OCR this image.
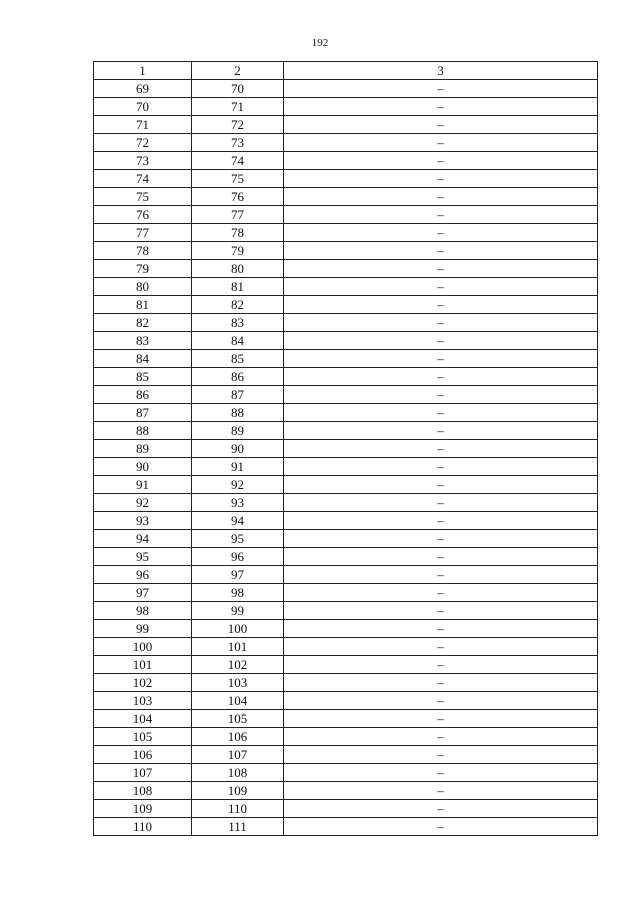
192
1	2	3
69	70	–
70	71	–
71	72	–
72	73	–
73	74	–
74	75	–
75	76	–
76	77	–
77	78	–
78	79	–
79	80	–
80	81	–
81	82	–
82	83	–
83	84	–
84	85	–
85	86	–
86	87	–
87	88	–
88	89	–
89	90	–
90	91	–
91	92	–
92	93	–
93	94	–
94	95	–
95	96	–
96	97	–
97	98	–
98	99	–
99	100	–
100	101	–
101	102	–
102	103	–
103	104	–
104	105	–
105	106	–
106	107	–
107	108	–
108	109	–
109	110	–
110	111	–
